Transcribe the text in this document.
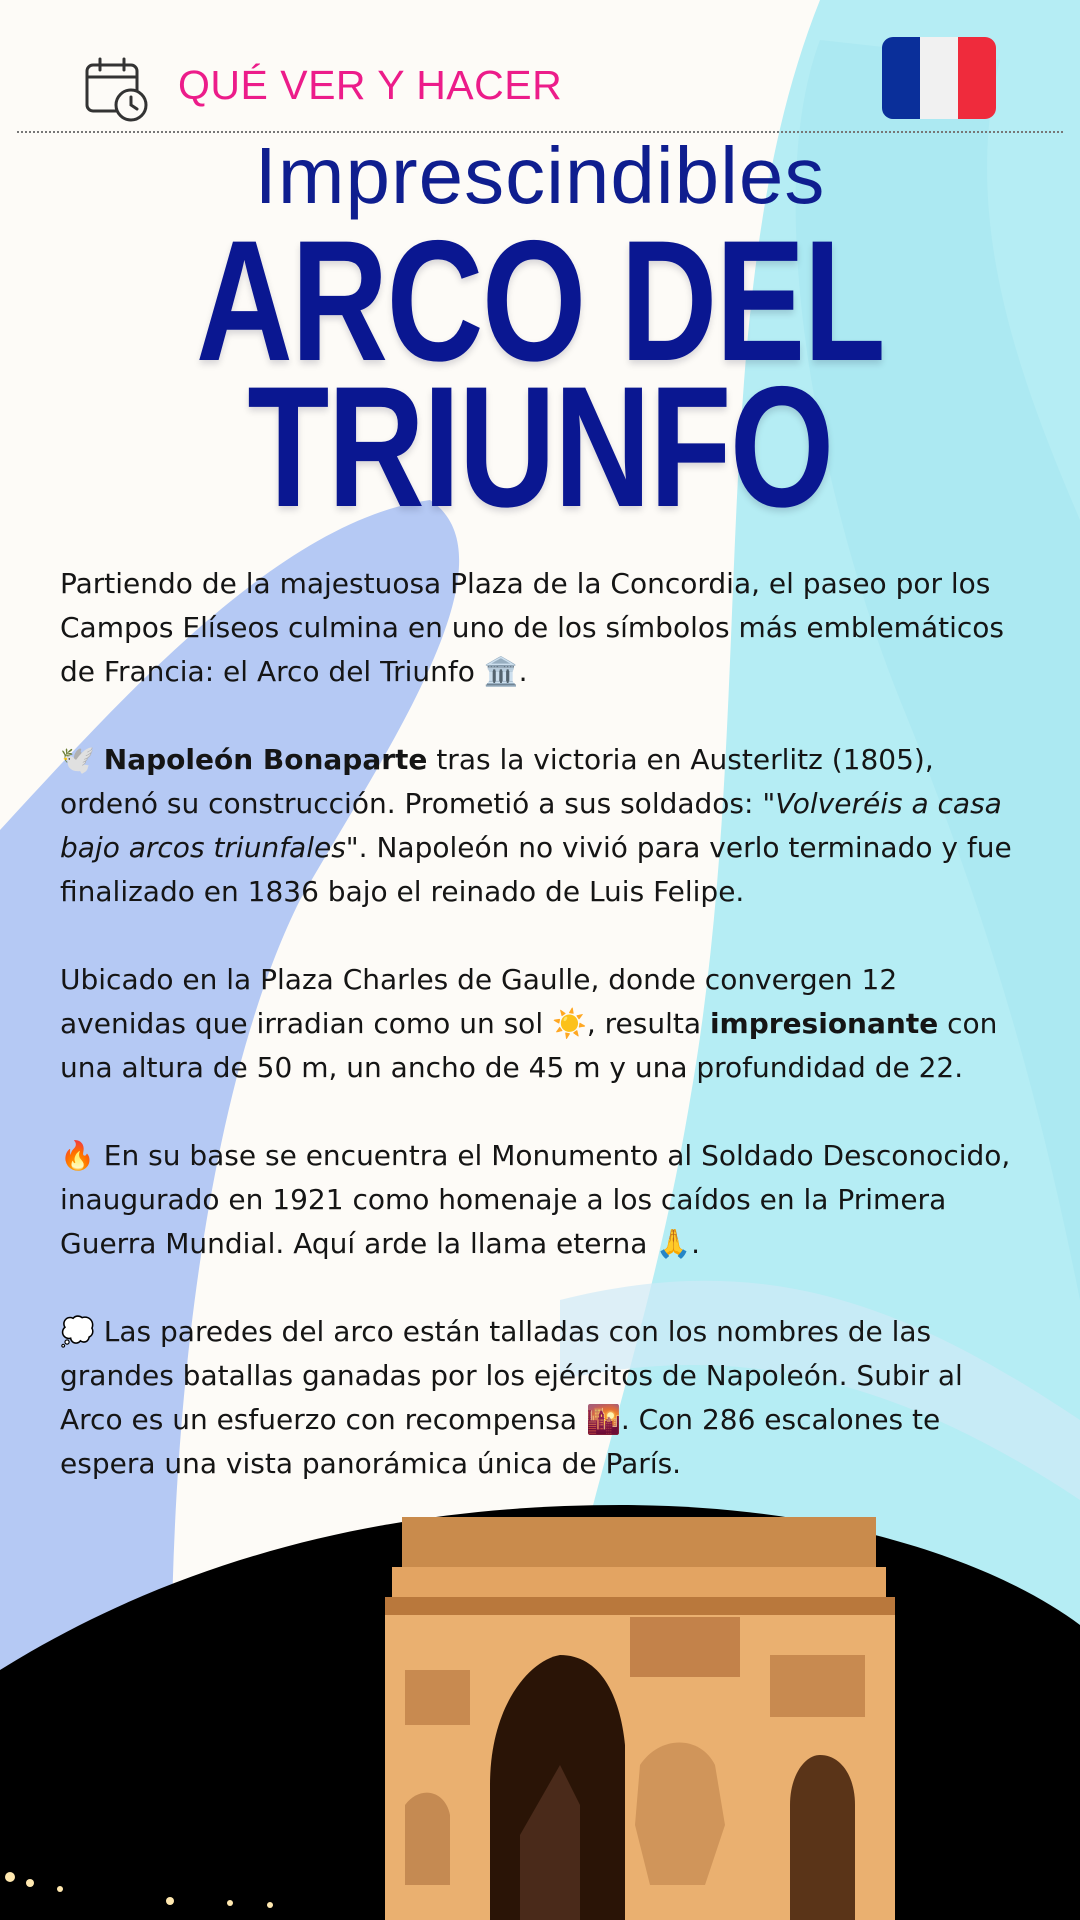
QUÉ VER Y HACER
Imprescindibles
ARCO DEL
TRIUNFO

Partiendo de la majestuosa Plaza de la Concordia, el paseo por los Campos Elíseos culmina en uno de los símbolos más emblemáticos de Francia: el Arco del Triunfo 🏛️.

🕊️ Napoleón Bonaparte tras la victoria en Austerlitz (1805), ordenó su construcción. Prometió a sus soldados: "Volveréis a casa bajo arcos triunfales". Napoleón no vivió para verlo terminado y fue finalizado en 1836 bajo el reinado de Luis Felipe.

Ubicado en la Plaza Charles de Gaulle, donde convergen 12 avenidas que irradian como un sol ☀️, resulta impresionante con una altura de 50 m, un ancho de 45 m y una profundidad de 22.

🔥 En su base se encuentra el Monumento al Soldado Desconocido, inaugurado en 1921 como homenaje a los caídos en la Primera Guerra Mundial. Aquí arde la llama eterna 🙏.

💭 Las paredes del arco están talladas con los nombres de las grandes batallas ganadas por los ejércitos de Napoleón. Subir al Arco es un esfuerzo con recompensa 🌇. Con 286 escalones te espera una vista panorámica única de París.
